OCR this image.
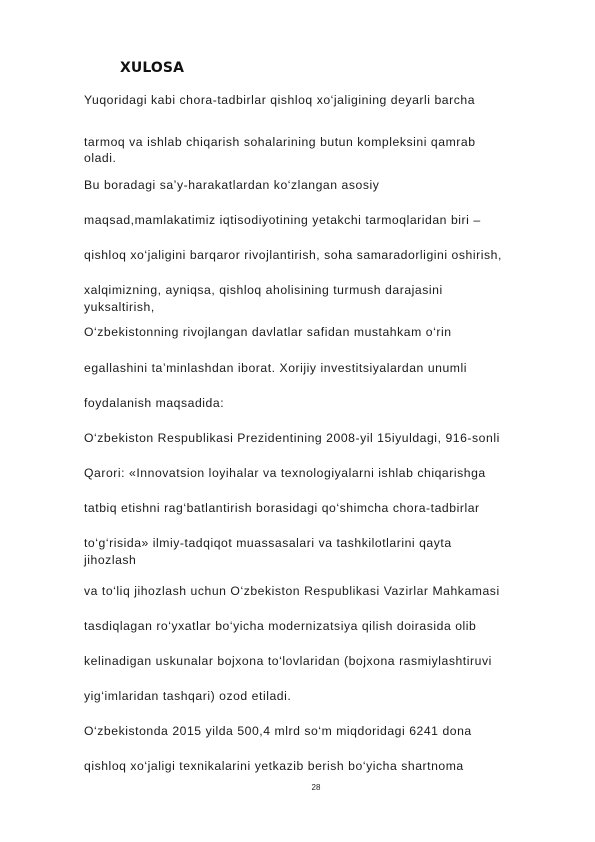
XULOSA
Yuqoridagi kabi chora-tadbirlar qishloq xo‘jaligining deyarli barcha
tarmoq va ishlab chiqarish sohalarining butun kompleksini qamrab
oladi.
Bu boradagi sa’y-harakatlardan ko‘zlangan asosiy
maqsad,mamlakatimiz iqtisodiyotining yetakchi tarmoqlaridan biri –
qishloq xo‘jaligini barqaror rivojlantirish, soha samaradorligini oshirish,
xalqimizning, ayniqsa, qishloq aholisining turmush darajasini
yuksaltirish,
O‘zbekistonning rivojlangan davlatlar safidan mustahkam o‘rin
egallashini ta’minlashdan iborat. Xorijiy investitsiyalardan unumli
foydalanish maqsadida:
O‘zbekiston Respublikasi Prezidentining 2008-yil 15iyuldagi, 916-sonli
Qarori: «Innovatsion loyihalar va texnologiyalarni ishlab chiqarishga
tatbiq etishni rag‘batlantirish borasidagi qo‘shimcha chora-tadbirlar
to‘g‘risida» ilmiy-tadqiqot muassasalari va tashkilotlarini qayta
jihozlash
va to‘liq jihozlash uchun O‘zbekiston Respublikasi Vazirlar Mahkamasi
tasdiqlagan ro‘yxatlar bo‘yicha modernizatsiya qilish doirasida olib
kelinadigan uskunalar bojxona to‘lovlaridan (bojxona rasmiylashtiruvi
yig‘imlaridan tashqari) ozod etiladi.
O‘zbekistonda 2015 yilda 500,4 mlrd so‘m miqdoridagi 6241 dona
qishloq xo‘jaligi texnikalarini yetkazib berish bo‘yicha shartnoma
28
